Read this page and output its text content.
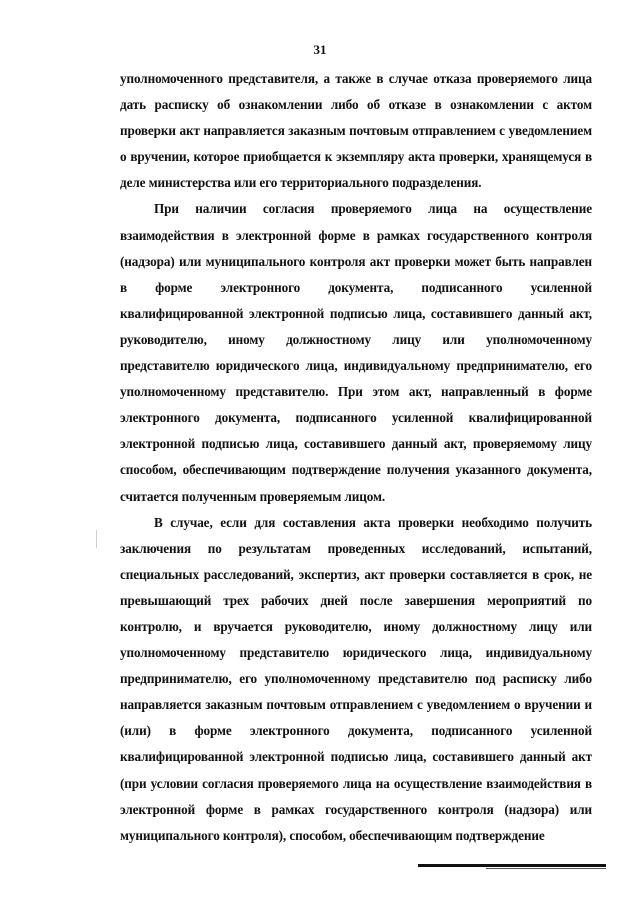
31

уполномоченного представителя, а также в случае отказа проверяемого лица дать расписку об ознакомлении либо об отказе в ознакомлении с актом проверки акт направляется заказным почтовым отправлением с уведомлением о вручении, которое приобщается к экземпляру акта проверки, хранящемуся в деле министерства или его территориального подразделения.

При наличии согласия проверяемого лица на осуществление взаимодействия в электронной форме в рамках государственного контроля (надзора) или муниципального контроля акт проверки может быть направлен в форме электронного документа, подписанного усиленной квалифицированной электронной подписью лица, составившего данный акт, руководителю, иному должностному лицу или уполномоченному представителю юридического лица, индивидуальному предпринимателю, его уполномоченному представителю. При этом акт, направленный в форме электронного документа, подписанного усиленной квалифицированной электронной подписью лица, составившего данный акт, проверяемому лицу способом, обеспечивающим подтверждение получения указанного документа, считается полученным проверяемым лицом.

В случае, если для составления акта проверки необходимо получить заключения по результатам проведенных исследований, испытаний, специальных расследований, экспертиз, акт проверки составляется в срок, не превышающий трех рабочих дней после завершения мероприятий по контролю, и вручается руководителю, иному должностному лицу или уполномоченному представителю юридического лица, индивидуальному предпринимателю, его уполномоченному представителю под расписку либо направляется заказным почтовым отправлением с уведомлением о вручении и (или) в форме электронного документа, подписанного усиленной квалифицированной электронной подписью лица, составившего данный акт (при условии согласия проверяемого лица на осуществление взаимодействия в электронной форме в рамках государственного контроля (надзора) или муниципального контроля), способом, обеспечивающим подтверждение
